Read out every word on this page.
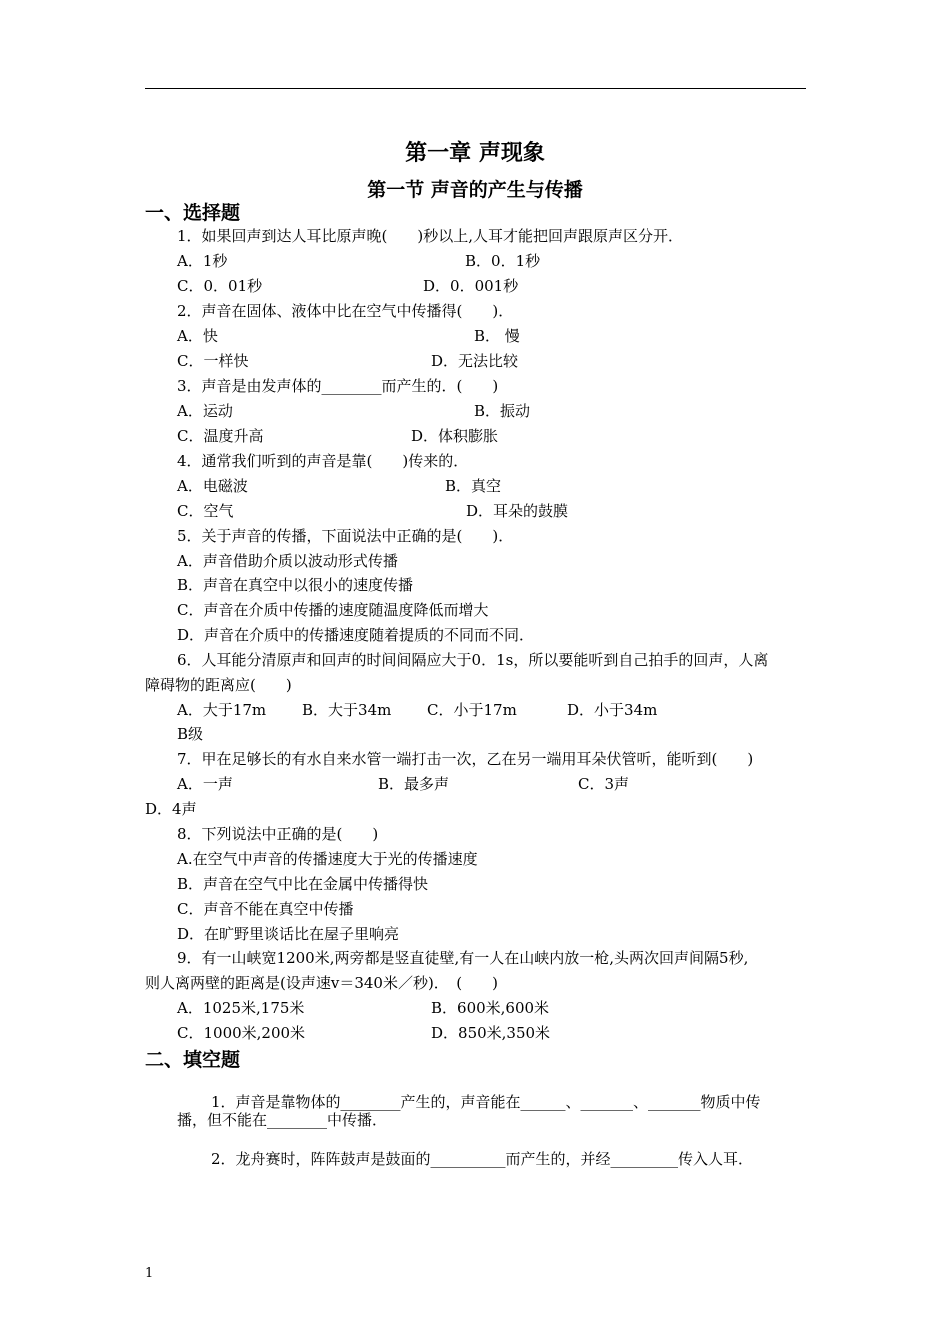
第一章 声现象
第一节 声音的产生与传播
一、选择题
1．如果回声到达人耳比原声晚(　　)秒以上,人耳才能把回声跟原声区分开．
A．1秒	B．0．1秒
C．0．01秒	D．0．001秒
2．声音在固体、液体中比在空气中传播得(　　)．
A．快	B． 慢
C．一样快	D．无法比较
3．声音是由发声体的________而产生的．(　　)
A．运动	B．振动
C．温度升高	D．体积膨胀
4．通常我们听到的声音是靠(　　)传来的．
A．电磁波	B．真空
C．空气	D．耳朵的鼓膜
5．关于声音的传播，下面说法中正确的是(　　)．
A．声音借助介质以波动形式传播
B．声音在真空中以很小的速度传播
C．声音在介质中传播的速度随温度降低而增大
D．声音在介质中的传播速度随着提质的不同而不同．
6．人耳能分清原声和回声的时间间隔应大于0．1s，所以要能听到自己拍手的回声，人离
障碍物的距离应(　　)
A．大于17m B．大于34m C．小于17m	D．小于34m
B级
7．甲在足够长的有水自来水管一端打击一次，乙在另一端用耳朵伏管听，能听到(　　)
A．一声	B．最多声	C．3声
D．4声
8．下列说法中正确的是(　　)
A.在空气中声音的传播速度大于光的传播速度
B．声音在空气中比在金属中传播得快
C．声音不能在真空中传播
D．在旷野里谈话比在屋子里响亮
9．有一山峡宽1200米,两旁都是竖直徒壁,有一人在山峡内放一枪,头两次回声间隔5秒,
则人离两壁的距离是(设声速v＝340米／秒)．　(　　)
A．1025米,175米	B．600米,600米
C．1000米,200米	D．850米,350米
二、填空题
1．声音是靠物体的________产生的，声音能在______、_______、_______物质中传
播，但不能在________中传播．
2．龙舟赛时，阵阵鼓声是鼓面的__________而产生的，并经_________传入人耳．
1
